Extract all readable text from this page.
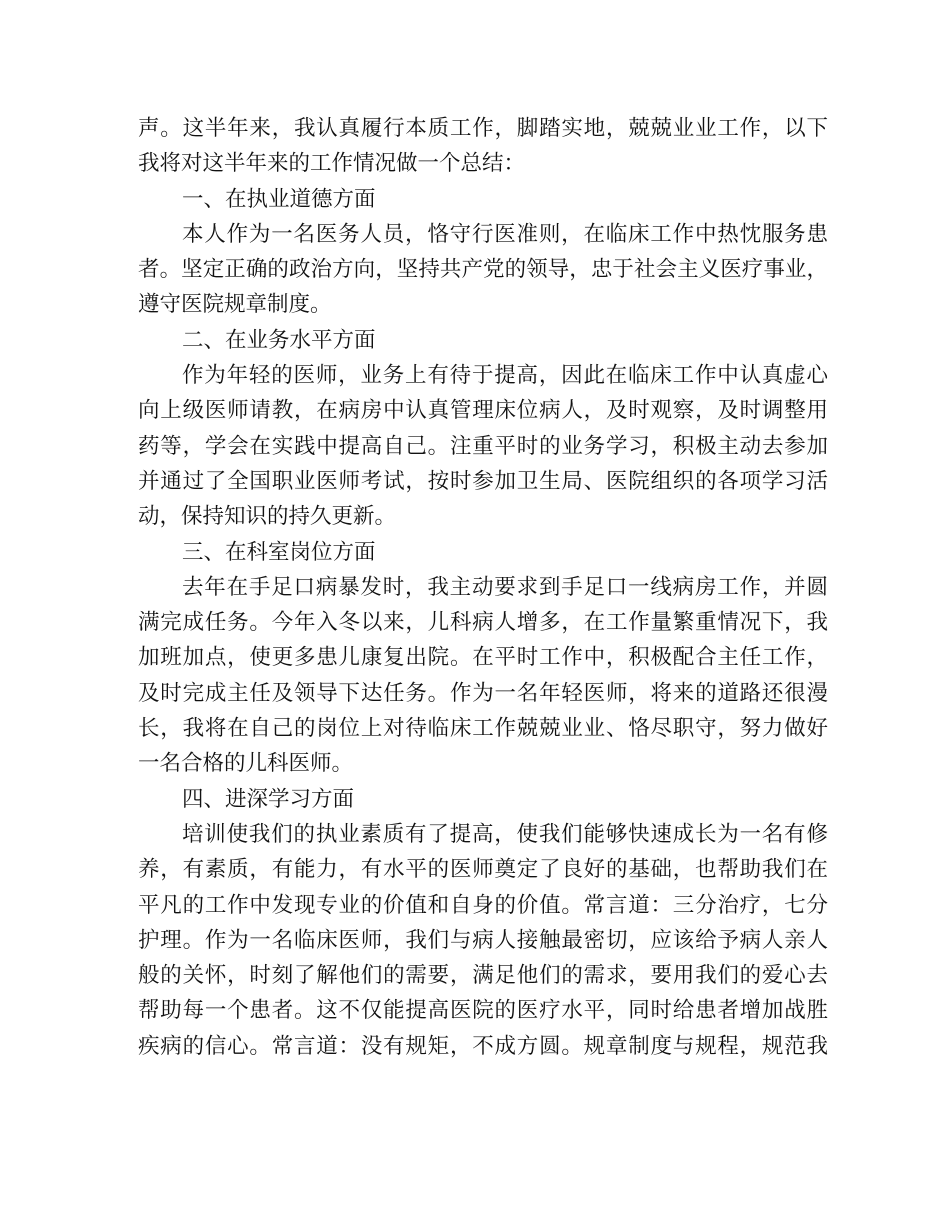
声。这半年来，我认真履行本质工作，脚踏实地，兢兢业业工作，以下
我将对这半年来的工作情况做一个总结：
一、在执业道德方面
本人作为一名医务人员，恪守行医准则，在临床工作中热忱服务患
者。坚定正确的政治方向，坚持共产党的领导，忠于社会主义医疗事业，
遵守医院规章制度。
二、在业务水平方面
作为年轻的医师，业务上有待于提高，因此在临床工作中认真虚心
向上级医师请教，在病房中认真管理床位病人，及时观察，及时调整用
药等，学会在实践中提高自己。注重平时的业务学习，积极主动去参加
并通过了全国职业医师考试，按时参加卫生局、医院组织的各项学习活
动，保持知识的持久更新。
三、在科室岗位方面
去年在手足口病暴发时，我主动要求到手足口一线病房工作，并圆
满完成任务。今年入冬以来，儿科病人增多，在工作量繁重情况下，我
加班加点，使更多患儿康复出院。在平时工作中，积极配合主任工作，
及时完成主任及领导下达任务。作为一名年轻医师，将来的道路还很漫
长，我将在自己的岗位上对待临床工作兢兢业业、恪尽职守，努力做好
一名合格的儿科医师。
四、进深学习方面
培训使我们的执业素质有了提高，使我们能够快速成长为一名有修
养，有素质，有能力，有水平的医师奠定了良好的基础，也帮助我们在
平凡的工作中发现专业的价值和自身的价值。常言道：三分治疗，七分
护理。作为一名临床医师，我们与病人接触最密切，应该给予病人亲人
般的关怀，时刻了解他们的需要，满足他们的需求，要用我们的爱心去
帮助每一个患者。这不仅能提高医院的医疗水平，同时给患者增加战胜
疾病的信心。常言道：没有规矩，不成方圆。规章制度与规程，规范我
